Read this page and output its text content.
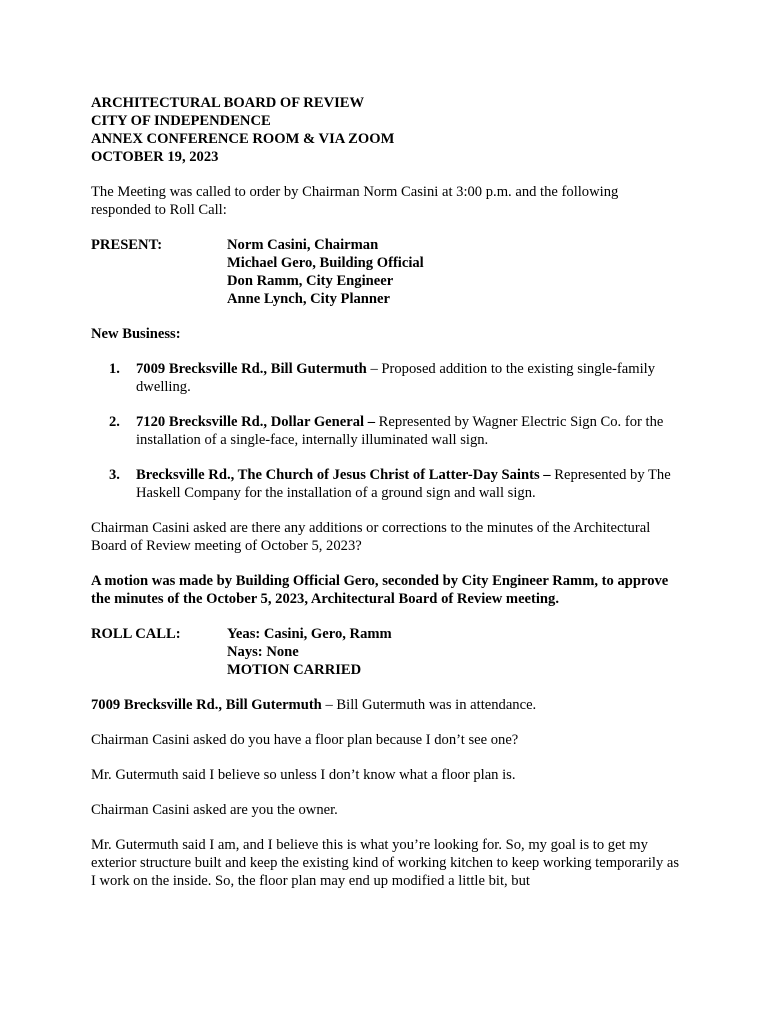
ARCHITECTURAL BOARD OF REVIEW
CITY OF INDEPENDENCE
ANNEX CONFERENCE ROOM & VIA ZOOM
OCTOBER 19, 2023

The Meeting was called to order by Chairman Norm Casini at 3:00 p.m. and the following responded to Roll Call:

PRESENT:	Norm Casini, Chairman
Michael Gero, Building Official
Don Ramm, City Engineer
Anne Lynch, City Planner

New Business:

1.	7009 Brecksville Rd., Bill Gutermuth – Proposed addition to the existing single-family dwelling.
2.	7120 Brecksville Rd., Dollar General – Represented by Wagner Electric Sign Co. for the installation of a single-face, internally illuminated wall sign.
3.	Brecksville Rd., The Church of Jesus Christ of Latter-Day Saints – Represented by The Haskell Company for the installation of a ground sign and wall sign.

Chairman Casini asked are there any additions or corrections to the minutes of the Architectural Board of Review meeting of October 5, 2023?

A motion was made by Building Official Gero, seconded by City Engineer Ramm, to approve the minutes of the October 5, 2023, Architectural Board of Review meeting.

ROLL CALL:	Yeas: Casini, Gero, Ramm
Nays: None
MOTION CARRIED

7009 Brecksville Rd., Bill Gutermuth – Bill Gutermuth was in attendance.

Chairman Casini asked do you have a floor plan because I don’t see one?

Mr. Gutermuth said I believe so unless I don’t know what a floor plan is.

Chairman Casini asked are you the owner.

Mr. Gutermuth said I am, and I believe this is what you’re looking for. So, my goal is to get my exterior structure built and keep the existing kind of working kitchen to keep working temporarily as I work on the inside. So, the floor plan may end up modified a little bit, but
